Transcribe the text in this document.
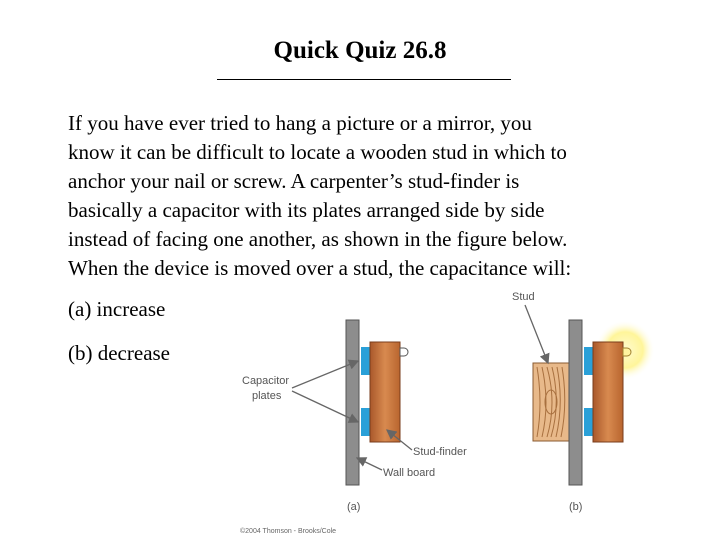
Quick Quiz 26.8
If you have ever tried to hang a picture or a mirror, you
know it can be difficult to locate a wooden stud in which to
anchor your nail or screw. A carpenter’s stud-finder is
basically a capacitor with its plates arranged side by side
instead of facing one another, as shown in the figure below.
When the device is moved over a stud, the capacitance will:
(a) increase
(b) decrease
Capacitor
plates
Stud-finder
Wall board
(a)
Stud
(b)
©2004 Thomson - Brooks/Cole
